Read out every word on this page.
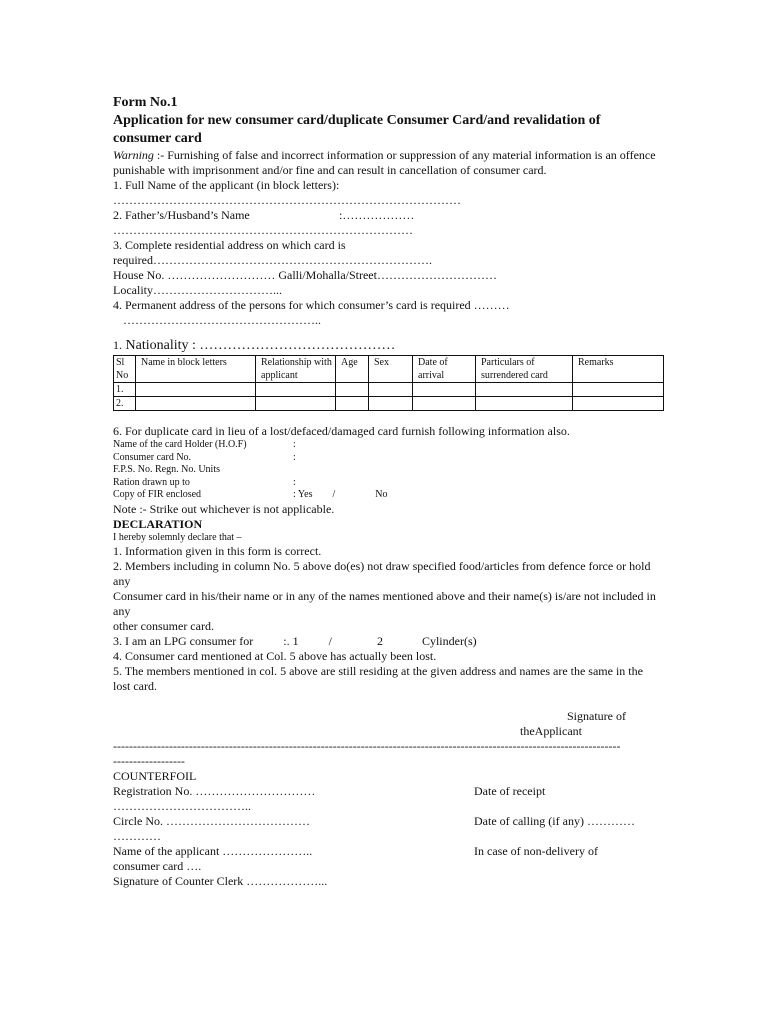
Form No.1
Application for new consumer card/duplicate Consumer Card/and revalidation of consumer card
Warning :- Furnishing of false and incorrect information or suppression of any material information is an offence punishable with imprisonment and/or fine and can result in cancellation of consumer card.
1. Full Name of the applicant (in block letters):
……………………………………………………………………………
2. Father’s/Husband’s Name	:………………
…………………………………………………………………
3. Complete residential address on which card is
required…………………………………………………………….
House No. ……………………… Galli/Mohalla/Street…………………………
Locality…………………………...
4. Permanent address of the persons for which consumer’s card is required ………
…………………………………………..
1. Nationality : ……………………………………
Sl No	Name in block letters	Relationship with applicant	Age	Sex	Date of arrival	Particulars of surrendered card	Remarks
1.							
2.							
6. For duplicate card in lieu of a lost/defaced/damaged card furnish following information also.
Name of the card Holder (H.O.F)	:
Consumer card No.	:
F.P.S. No. Regn. No. Units
Ration drawn up to	:
Copy of FIR enclosed	: Yes        /                No
Note :- Strike out whichever is not applicable.
DECLARATION
I hereby solemnly declare that –
1. Information given in this form is correct.
2. Members including in column No. 5 above do(es) not draw specified food/articles from defence force or hold any
Consumer card in his/their name or in any of the names mentioned above and their name(s) is/are not included in any
other consumer card.
3. I am an LPG consumer for          :. 1          /               2             Cylinder(s)
4. Consumer card mentioned at Col. 5 above has actually been lost.
5. The members mentioned in col. 5 above are still residing at the given address and names are the same in the lost card.
Signature of
theApplicant
-------------------------------------------------------------------------------------------------------------------------------
------------------
COUNTERFOIL
Registration No. …………………………	Date of receipt
……………………………..
Circle No. ………………………………	Date of calling (if any) …………
…………
Name of the applicant …………………..	In case of non-delivery of
consumer card ….
Signature of Counter Clerk ………………...
